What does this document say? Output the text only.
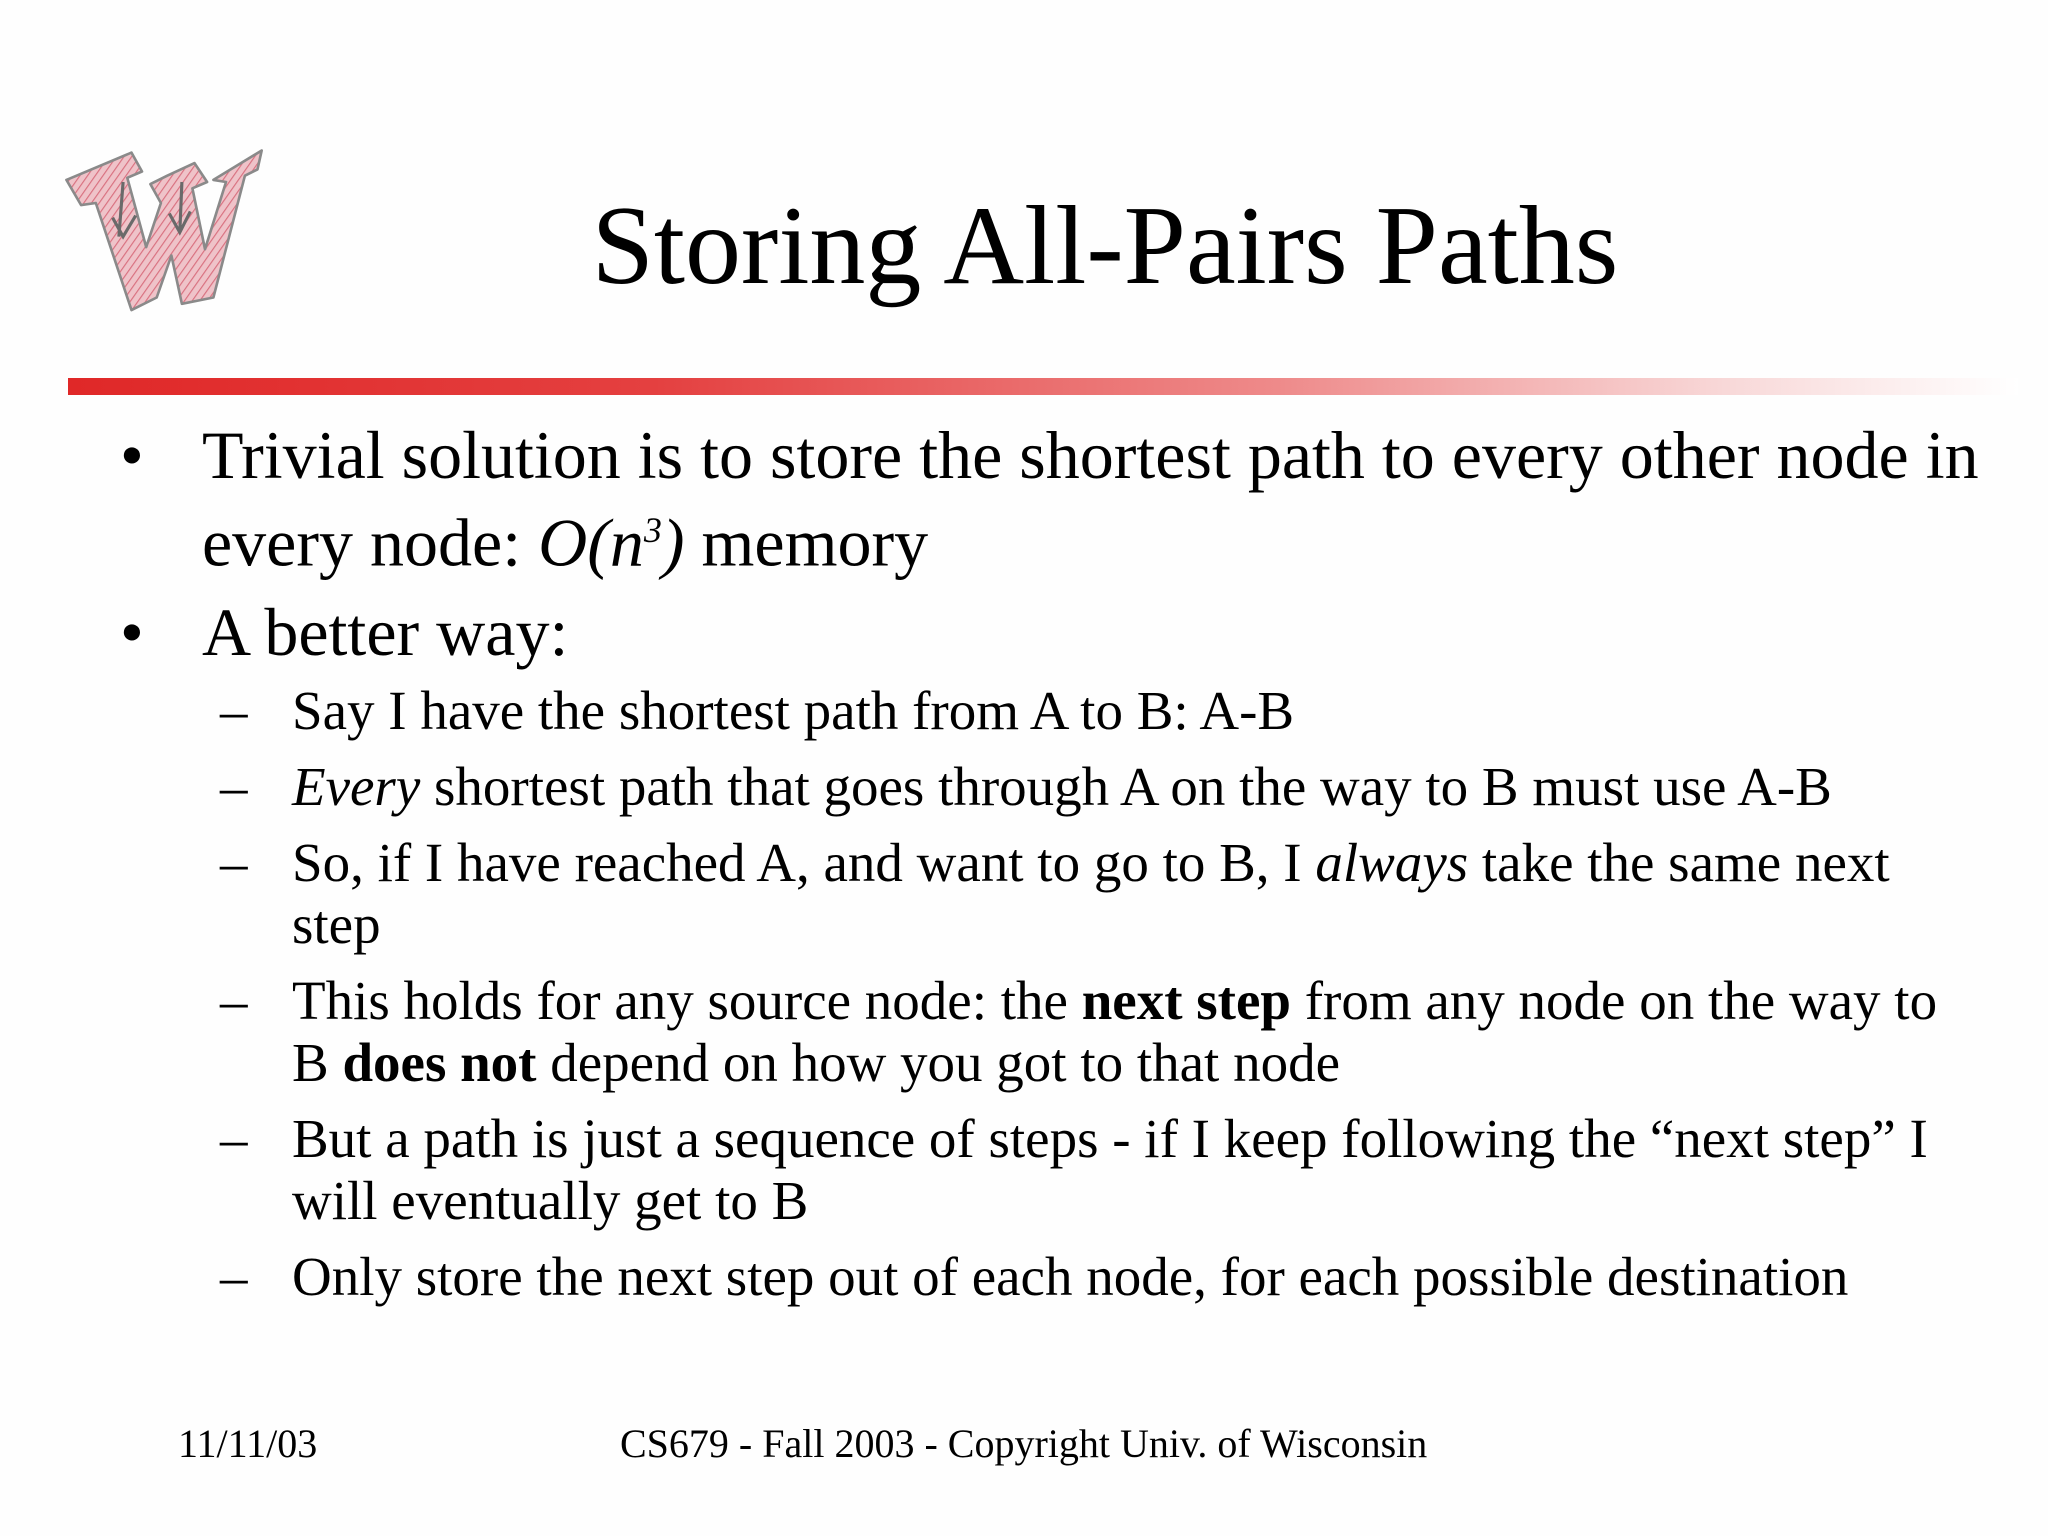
Storing All-Pairs Paths
• Trivial solution is to store the shortest path to every other node in every node: $O(n^3)$ memory
• A better way:
– Say I have the shortest path from A to B: A-B
– Every shortest path that goes through A on the way to B must use A-B
– So, if I have reached A, and want to go to B, I always take the same next step
– This holds for any source node: the next step from any node on the way to B does not depend on how you got to that node
– But a path is just a sequence of steps - if I keep following the “next step” I will eventually get to B
– Only store the next step out of each node, for each possible destination
11/11/03	CS679 - Fall 2003 - Copyright Univ. of Wisconsin
